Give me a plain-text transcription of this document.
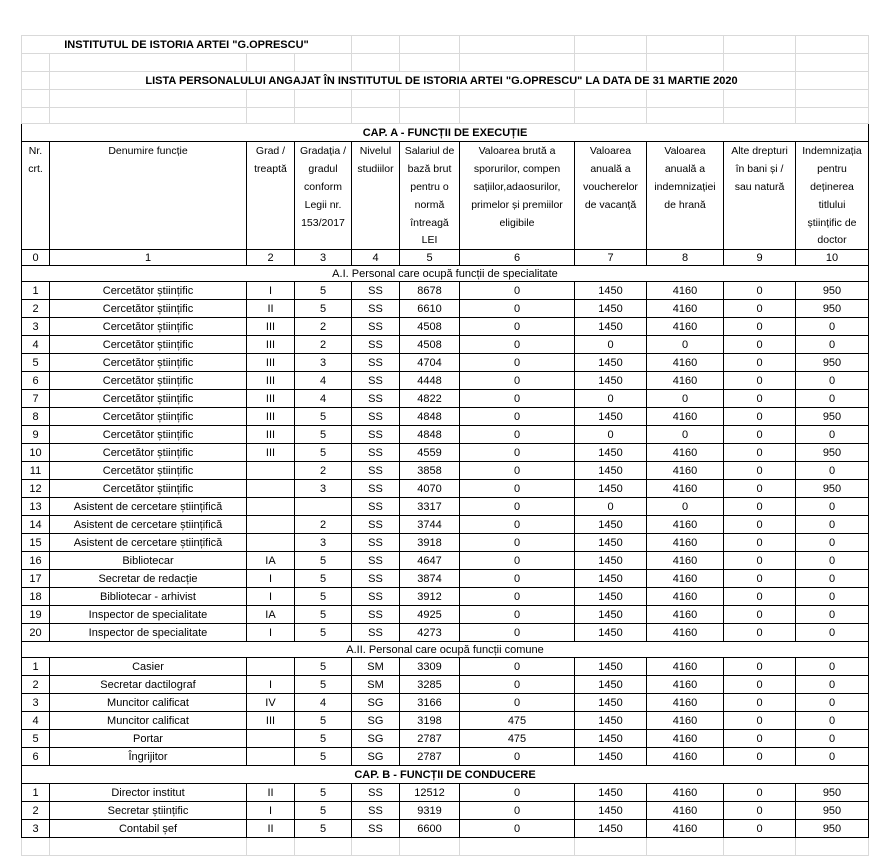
INSTITUTUL DE ISTORIA ARTEI "G.OPRESCU"										

	LISTA PERSONALULUI ANGAJAT ÎN INSTITUTUL DE ISTORIA ARTEI "G.OPRESCU" LA DATA DE 31 MARTIE 2020									

CAP. A - FUNCȚII DE EXECUȚIE										
Nr.	Denumire funcție	Grad /	Gradația /	Nivelul	Salariul de	Valoarea brută a	Valoarea	Valoarea	Alte drepturi	Indemnizația
crt.		treaptă	gradul	studiilor	bază brut	sporurilor, compen	anuală a	anuală a	în bani și /	pentru
			conform		pentru o	sațiilor,adaosurilor,	voucherelor	indemnizației	sau natură	deținerea
			Legii nr.		normă	primelor și premiilor	de vacanță	de hrană		titlului
			153/2017		întreagă	eligibile				științific de
					LEI					doctor
0	1	2	3	4	5	6	7	8	9	10
A.I. Personal care ocupă funcții de specialitate										
1	Cercetător științific	I	5	SS	8678	0	1450	4160	0	950
2	Cercetător științific	II	5	SS	6610	0	1450	4160	0	950
3	Cercetător științific	III	2	SS	4508	0	1450	4160	0	0
4	Cercetător științific	III	2	SS	4508	0	0	0	0	0
5	Cercetător științific	III	3	SS	4704	0	1450	4160	0	950
6	Cercetător științific	III	4	SS	4448	0	1450	4160	0	0
7	Cercetător științific	III	4	SS	4822	0	0	0	0	0
8	Cercetător științific	III	5	SS	4848	0	1450	4160	0	950
9	Cercetător științific	III	5	SS	4848	0	0	0	0	0
10	Cercetător științific	III	5	SS	4559	0	1450	4160	0	950
11	Cercetător științific		2	SS	3858	0	1450	4160	0	0
12	Cercetător științific		3	SS	4070	0	1450	4160	0	950
13	Asistent de cercetare științifică			SS	3317	0	0	0	0	0
14	Asistent de cercetare științifică		2	SS	3744	0	1450	4160	0	0
15	Asistent de cercetare științifică		3	SS	3918	0	1450	4160	0	0
16	Bibliotecar	IA	5	SS	4647	0	1450	4160	0	0
17	Secretar de redacție	I	5	SS	3874	0	1450	4160	0	0
18	Bibliotecar - arhivist	I	5	SS	3912	0	1450	4160	0	0
19	Inspector de specialitate	IA	5	SS	4925	0	1450	4160	0	0
20	Inspector de specialitate	I	5	SS	4273	0	1450	4160	0	0
A.II. Personal care ocupă funcții comune										
1	Casier		5	SM	3309	0	1450	4160	0	0
2	Secretar dactilograf	I	5	SM	3285	0	1450	4160	0	0
3	Muncitor calificat	IV	4	SG	3166	0	1450	4160	0	0
4	Muncitor calificat	III	5	SG	3198	475	1450	4160	0	0
5	Portar		5	SG	2787	475	1450	4160	0	0
6	Îngrijitor		5	SG	2787	0	1450	4160	0	0
CAP. B - FUNCȚII DE CONDUCERE										
1	Director institut	II	5	SS	12512	0	1450	4160	0	950
2	Secretar științific	I	5	SS	9319	0	1450	4160	0	950
3	Contabil șef	II	5	SS	6600	0	1450	4160	0	950
